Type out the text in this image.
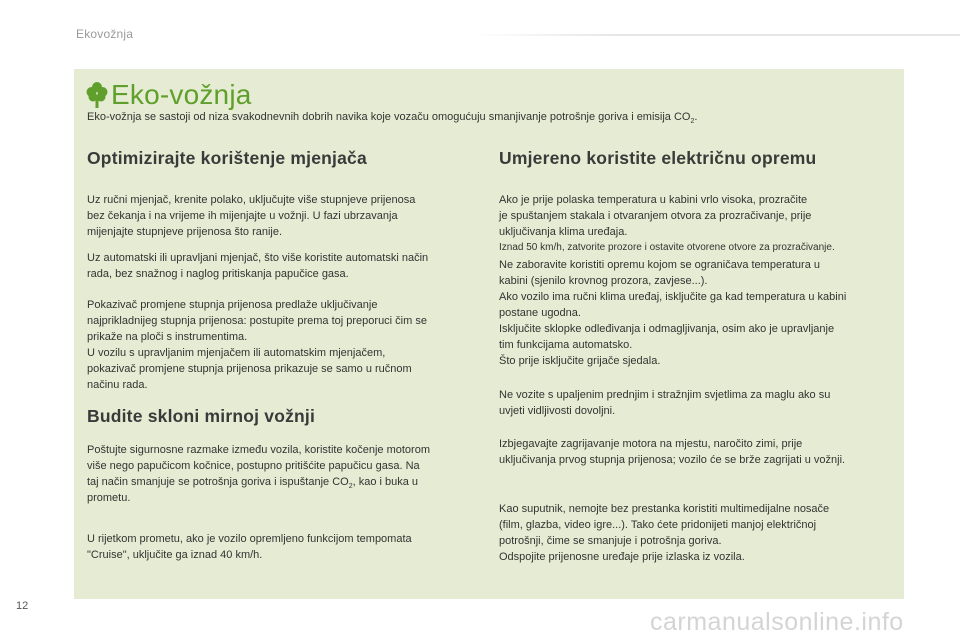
Ekovožnja
Eko-vožnja
Eko-vožnja se sastoji od niza svakodnevnih dobrih navika koje vozaču omogućuju smanjivanje potrošnje goriva i emisija $CO_2$.
Optimizirajte korištenje mjenjača
Uz ručni mjenjač, krenite polako, uključujte više stupnjeve prijenosa
bez čekanja i na vrijeme ih mijenjajte u vožnji. U fazi ubrzavanja
mijenjajte stupnjeve prijenosa što ranije.
Uz automatski ili upravljani mjenjač, što više koristite automatski način
rada, bez snažnog i naglog pritiskanja papučice gasa.
Pokazivač promjene stupnja prijenosa predlaže uključivanje
najprikladnijeg stupnja prijenosa: postupite prema toj preporuci čim se
prikaže na ploči s instrumentima.
U vozilu s upravljanim mjenjačem ili automatskim mjenjačem,
pokazivač promjene stupnja prijenosa prikazuje se samo u ručnom
načinu rada.
Budite skloni mirnoj vožnji
Poštujte sigurnosne razmake između vozila, koristite kočenje motorom
više nego papučicom kočnice, postupno pritišćite papučicu gasa. Na
taj način smanjuje se potrošnja goriva i ispuštanje $CO_2$, kao i buka u
prometu.
U rijetkom prometu, ako je vozilo opremljeno funkcijom tempomata
"Cruise", uključite ga iznad 40 km/h.
Umjereno koristite električnu opremu
Ako je prije polaska temperatura u kabini vrlo visoka, prozračite
je spuštanjem stakala i otvaranjem otvora za prozračivanje, prije
uključivanja klima uređaja.
Iznad 50 km/h, zatvorite prozore i ostavite otvorene otvore za prozračivanje.
Ne zaboravite koristiti opremu kojom se ograničava temperatura u
kabini (sjenilo krovnog prozora, zavjese...).
Ako vozilo ima ručni klima uređaj, isključite ga kad temperatura u kabini
postane ugodna.
Isključite sklopke odleđivanja i odmagljivanja, osim ako je upravljanje
tim funkcijama automatsko.
Što prije isključite grijače sjedala.
Ne vozite s upaljenim prednjim i stražnjim svjetlima za maglu ako su
uvjeti vidljivosti dovoljni.
Izbjegavajte zagrijavanje motora na mjestu, naročito zimi, prije
uključivanja prvog stupnja prijenosa; vozilo će se brže zagrijati u vožnji.
Kao suputnik, nemojte bez prestanka koristiti multimedijalne nosače
(film, glazba, video igre...). Tako ćete pridonijeti manjoj električnoj
potrošnji, čime se smanjuje i potrošnja goriva.
Odspojite prijenosne uređaje prije izlaska iz vozila.
12
carmanualsonline.info
